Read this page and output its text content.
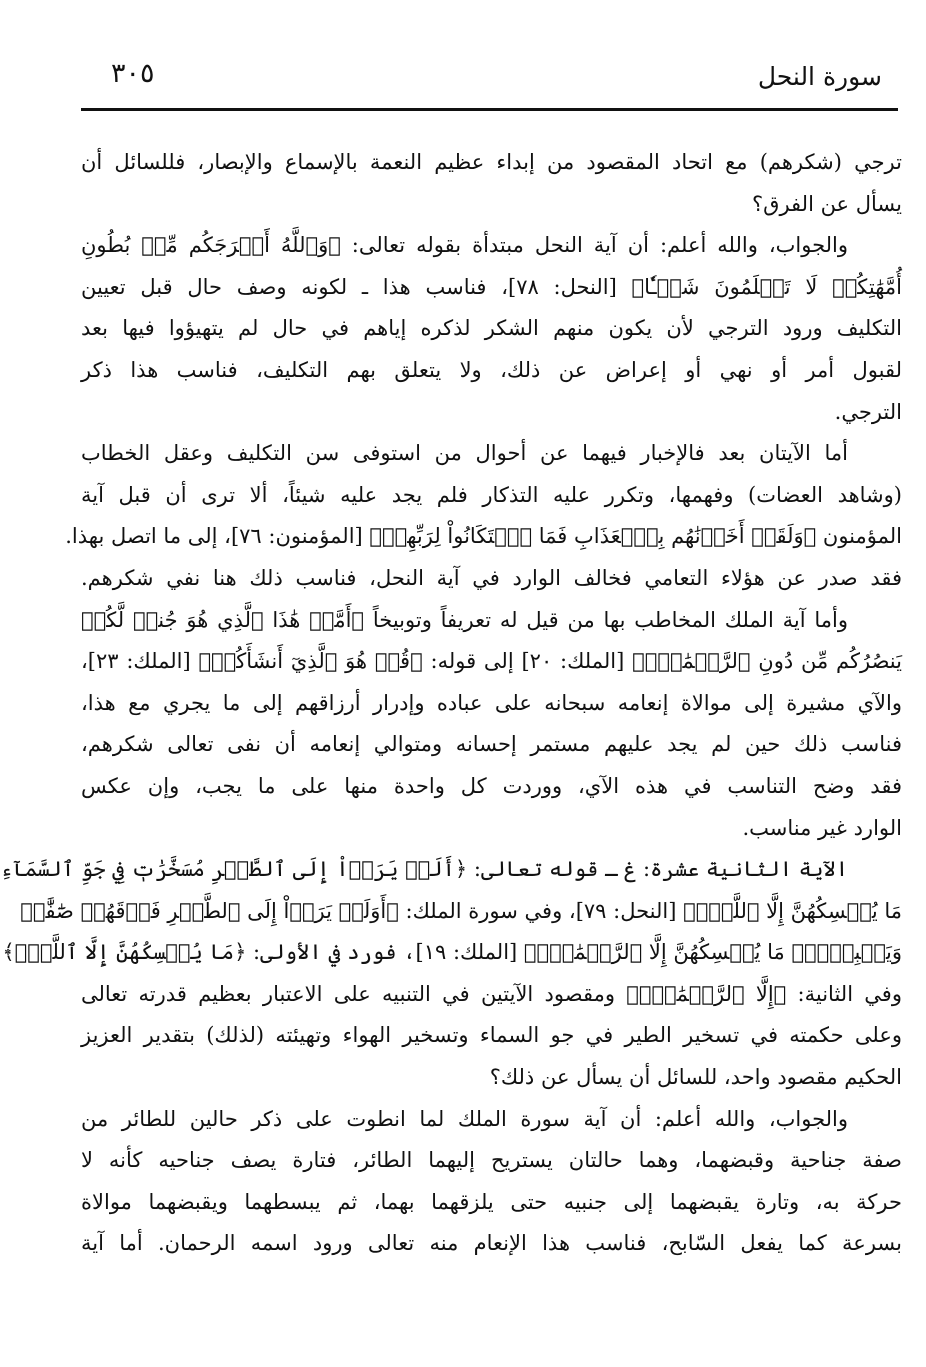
سورة النحل
٣٠٥
ترجي (شكرهم) مع اتحاد المقصود من إبداء عظيم النعمة بالإسماع والإبصار، فللسائل أن
يسأل عن الفرق؟
والجواب، والله أعلم: أن آية النحل مبتدأة بقوله تعالى: ﴿وَٱللَّهُ أَخۡرَجَكُم مِّنۢ بُطُونِ
أُمَّهَٰتِكُمۡ لَا تَعۡلَمُونَ شَيۡـٔٗا﴾ [النحل: ٧٨]، فناسب هذا ـ لكونه وصف حال قبل تعيين
التكليف ورود الترجي لأن يكون منهم الشكر لذكره إياهم في حال لم يتهيؤوا فيها بعد
لقبول أمر أو نهي أو إعراض عن ذلك، ولا يتعلق بهم التكليف، فناسب هذا ذكر
الترجي.
أما الآيتان بعد فالإخبار فيهما عن أحوال من استوفى سن التكليف وعقل الخطاب
(وشاهد العضات) وفهمها، وتكرر عليه التذكار فلم يجد عليه شيئاً، ألا ترى أن قبل آية
المؤمنون ﴿وَلَقَدۡ أَخَذۡنَٰهُم بِٱلۡعَذَابِ فَمَا ٱسۡتَكَانُواْ لِرَبِّهِمۡ﴾ [المؤمنون: ٧٦]، إلى ما اتصل بهذا.
فقد صدر عن هؤلاء التعامي فخالف الوارد في آية النحل، فناسب ذلك هنا نفي شكرهم.
وأما آية الملك المخاطب بها من قيل له تعريفاً وتوبيخاً ﴿أَمَّنۡ هَٰذَا ٱلَّذِي هُوَ جُندٞ لَّكُمۡ
يَنصُرُكُم مِّن دُونِ ٱلرَّحۡمَٰنِۚ﴾ [الملك: ٢٠] إلى قوله: ﴿قُلۡ هُوَ ٱلَّذِيٓ أَنشَأَكُمۡ﴾ [الملك: ٢٣]،
والآي مشيرة إلى موالاة إنعامه سبحانه على عباده وإدرار أرزاقهم إلى ما يجري مع هذا،
فناسب ذلك حين لم يجد عليهم مستمر إحسانه ومتوالي إنعامه أن نفى تعالى شكرهم،
فقد وضح التناسب في هذه الآي، ووردت كل واحدة منها على ما يجب، وإن عكس
الوارد غير مناسب.
الآية الثانية عشرة: غ ـ قوله تعالى: ﴿أَلَمۡ يَرَوۡاْ إِلَى ٱلطَّيۡرِ مُسَخَّرَٰتٖ فِي جَوِّ ٱلسَّمَآءِ
مَا يُمۡسِكُهُنَّ إِلَّا ٱللَّهُۚ﴾ [النحل: ٧٩]، وفي سورة الملك: ﴿أَوَلَمۡ يَرَوۡاْ إِلَى ٱلطَّيۡرِ فَوۡقَهُمۡ صَٰٓفَّٰتٖ
وَيَقۡبِضۡنَۚ مَا يُمۡسِكُهُنَّ إِلَّا ٱلرَّحۡمَٰنُۚ﴾ [الملك: ١٩]، فورد في الأولى: ﴿مَا يُمۡسِكُهُنَّ إِلَّا ٱللَّهُۚ﴾
وفي الثانية: ﴿إِلَّا ٱلرَّحۡمَٰنُۚ﴾ ومقصود الآيتين في التنبيه على الاعتبار بعظيم قدرته تعالى
وعلى حكمته في تسخير الطير في جو السماء وتسخير الهواء وتهيئته (لذلك) بتقدير العزيز
الحكيم مقصود واحد، للسائل أن يسأل عن ذلك؟
والجواب، والله أعلم: أن آية سورة الملك لما انطوت على ذكر حالين للطائر من
صفة جناحية وقبضهما، وهما حالتان يستريح إليهما الطائر، فتارة يصف جناحيه كأنه لا
حركة به، وتارة يقبضهما إلى جنبيه حتى يلزقهما بهما، ثم يبسطهما ويقبضهما موالاة
بسرعة كما يفعل السّابح، فناسب هذا الإنعام منه تعالى ورود اسمه الرحمان. أما آية
